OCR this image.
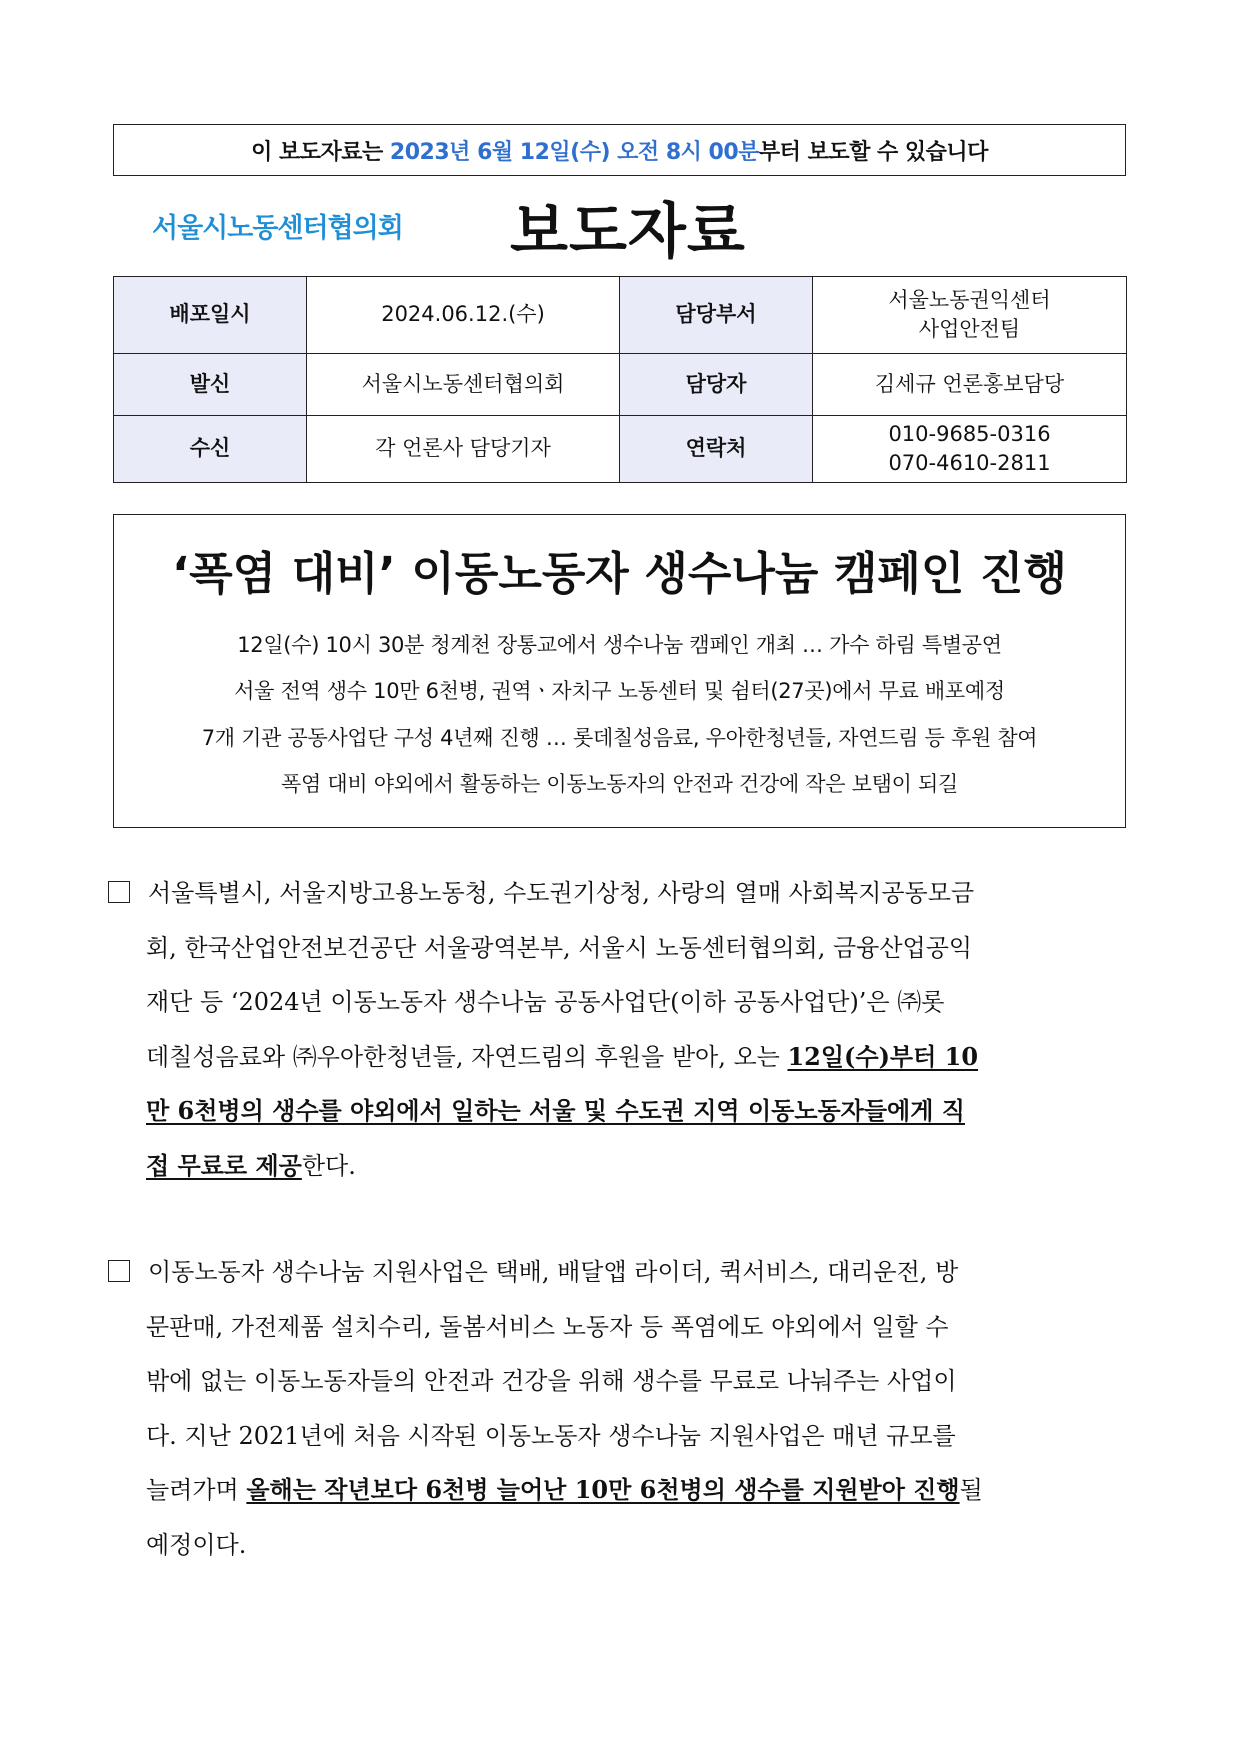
이 보도자료는 2023년 6월 12일(수) 오전 8시 00분 부터 보도할 수 있습니다
서울시노동센터협의회 보도자료
배포일시	2024.06.12.(수)	담당부서	서울노동권익센터
사업안전팀

발신	서울시노동센터협의회	담당자	김세규 언론홍보담당
수신	각 언론사 담당기자	연락처	010-9685-0316
070-4610-2811
‘폭염 대비’ 이동노동자 생수나눔 캠페인 진행
12일(수) 10시 30분 청계천 장통교에서 생수나눔 캠페인 개최 … 가수 하림 특별공연
서울 전역 생수 10만 6천병, 권역ㆍ자치구 노동센터 및 쉼터(27곳)에서 무료 배포예정
7개 기관 공동사업단 구성 4년째 진행 … 롯데칠성음료, 우아한청년들, 자연드림 등 후원 참여
폭염 대비 야외에서 활동하는 이동노동자의 안전과 건강에 작은 보탬이 되길
서울특별시, 서울지방고용노동청, 수도권기상청, 사랑의 열매 사회복지공동모금
회, 한국산업안전보건공단 서울광역본부, 서울시 노동센터협의회, 금융산업공익
재단 등 ‘2024년 이동노동자 생수나눔 공동사업단(이하 공동사업단)’은 ㈜롯
데칠성음료와 ㈜우아한청년들, 자연드림의 후원을 받아, 오는 12일(수)부터 10
만 6천병의 생수를 야외에서 일하는 서울 및 수도권 지역 이동노동자들에게 직
접 무료로 제공 한다.
이동노동자 생수나눔 지원사업은 택배, 배달앱 라이더, 퀵서비스, 대리운전, 방
문판매, 가전제품 설치수리, 돌봄서비스 노동자 등 폭염에도 야외에서 일할 수
밖에 없는 이동노동자들의 안전과 건강을 위해 생수를 무료로 나눠주는 사업이
다. 지난 2021년에 처음 시작된 이동노동자 생수나눔 지원사업은 매년 규모를
늘려가며 올해는 작년보다 6천병 늘어난 10만 6천병의 생수를 지원받아 진행 될
예정이다.
